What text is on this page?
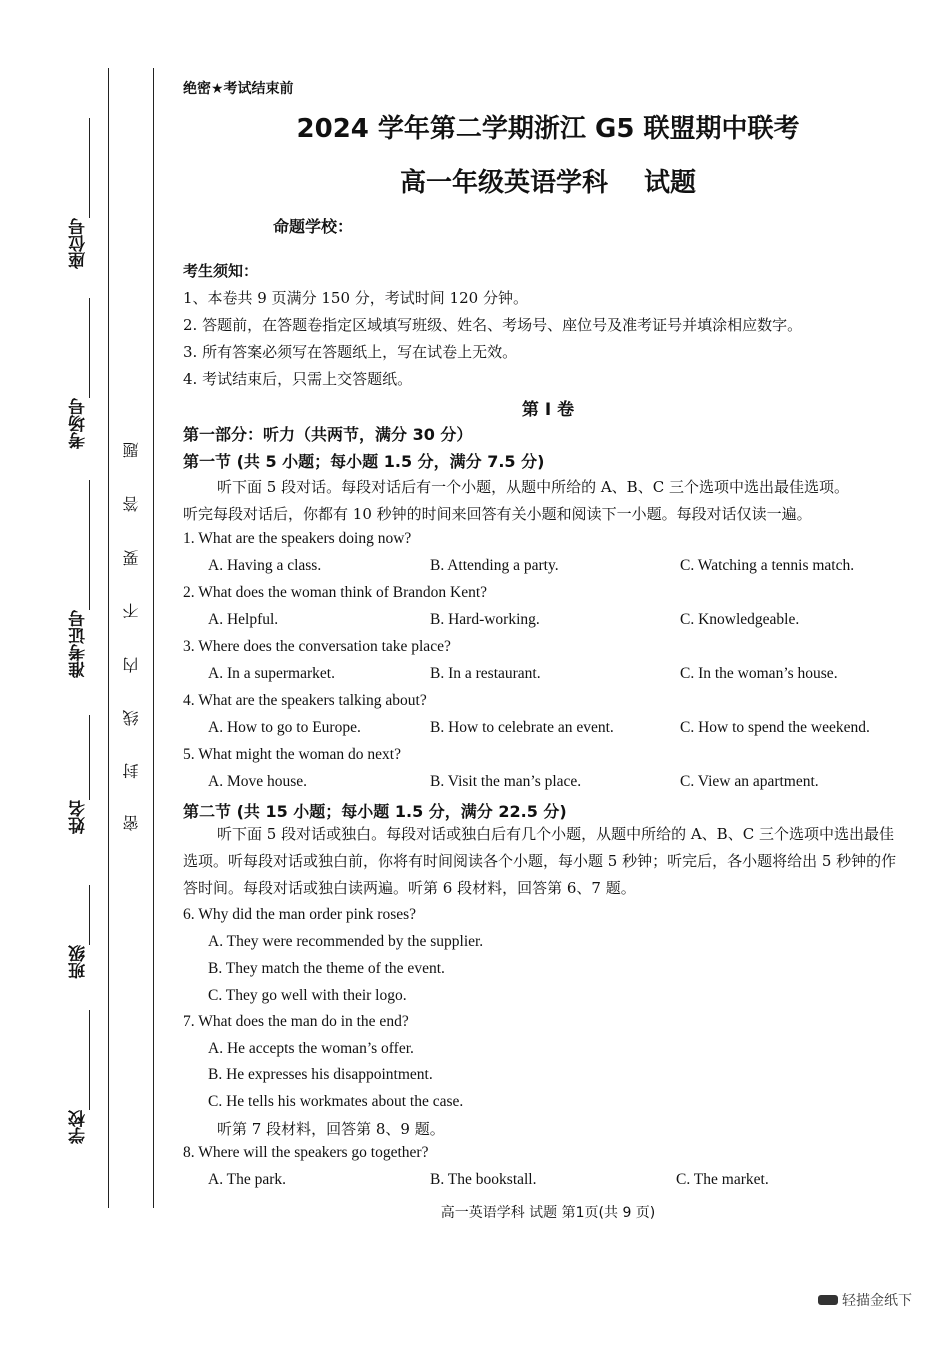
座位号
考场号
准考证号
姓名
班级
学校
密
封
线
内
不
要
答
题
绝密★考试结束前
2024 学年第二学期浙江 G5 联盟期中联考
高一年级英语学科 试题
命题学校：
考生须知：
1、本卷共 9 页满分 150 分，考试时间 120 分钟。
2. 答题前，在答题卷指定区域填写班级、姓名、考场号、座位号及准考证号并填涂相应数字。
3. 所有答案必须写在答题纸上，写在试卷上无效。
4. 考试结束后，只需上交答题纸。
第 I 卷
第一部分：听力（共两节，满分 30 分）
第一节 (共 5 小题；每小题 1.5 分，满分 7.5 分)
听下面 5 段对话。每段对话后有一个小题，从题中所给的 A、B、C 三个选项中选出最佳选项。
听完每段对话后，你都有 10 秒钟的时间来回答有关小题和阅读下一小题。每段对话仅读一遍。
1. What are the speakers doing now?
A. Having a class.	B. Attending a party.	C. Watching a tennis match.
2. What does the woman think of Brandon Kent?
A. Helpful.	B. Hard-working.	C. Knowledgeable.
3. Where does the conversation take place?
A. In a supermarket.	B. In a restaurant.	C. In the woman’s house.
4. What are the speakers talking about?
A. How to go to Europe.	B. How to celebrate an event.	C. How to spend the weekend.
5. What might the woman do next?
A. Move house.	B. Visit the man’s place.	C. View an apartment.
第二节 (共 15 小题；每小题 1.5 分，满分 22.5 分)
听下面 5 段对话或独白。每段对话或独白后有几个小题，从题中所给的 A、B、C 三个选项中选出最佳选项。听每段对话或独白前，你将有时间阅读各个小题，每小题 5 秒钟；听完后，各小题将给出 5 秒钟的作答时间。每段对话或独白读两遍。听第 6 段材料，回答第 6、7 题。
6. Why did the man order pink roses?
A. They were recommended by the supplier.
B. They match the theme of the event.
C. They go well with their logo.
7. What does the man do in the end?
A. He accepts the woman’s offer.
B. He expresses his disappointment.
C. He tells his workmates about the case.
听第 7 段材料，回答第 8、9 题。
8. Where will the speakers go together?
A. The park.	B. The bookstall.	C. The market.
高一英语学科 试题 第1页(共 9 页)
轻描金纸下
